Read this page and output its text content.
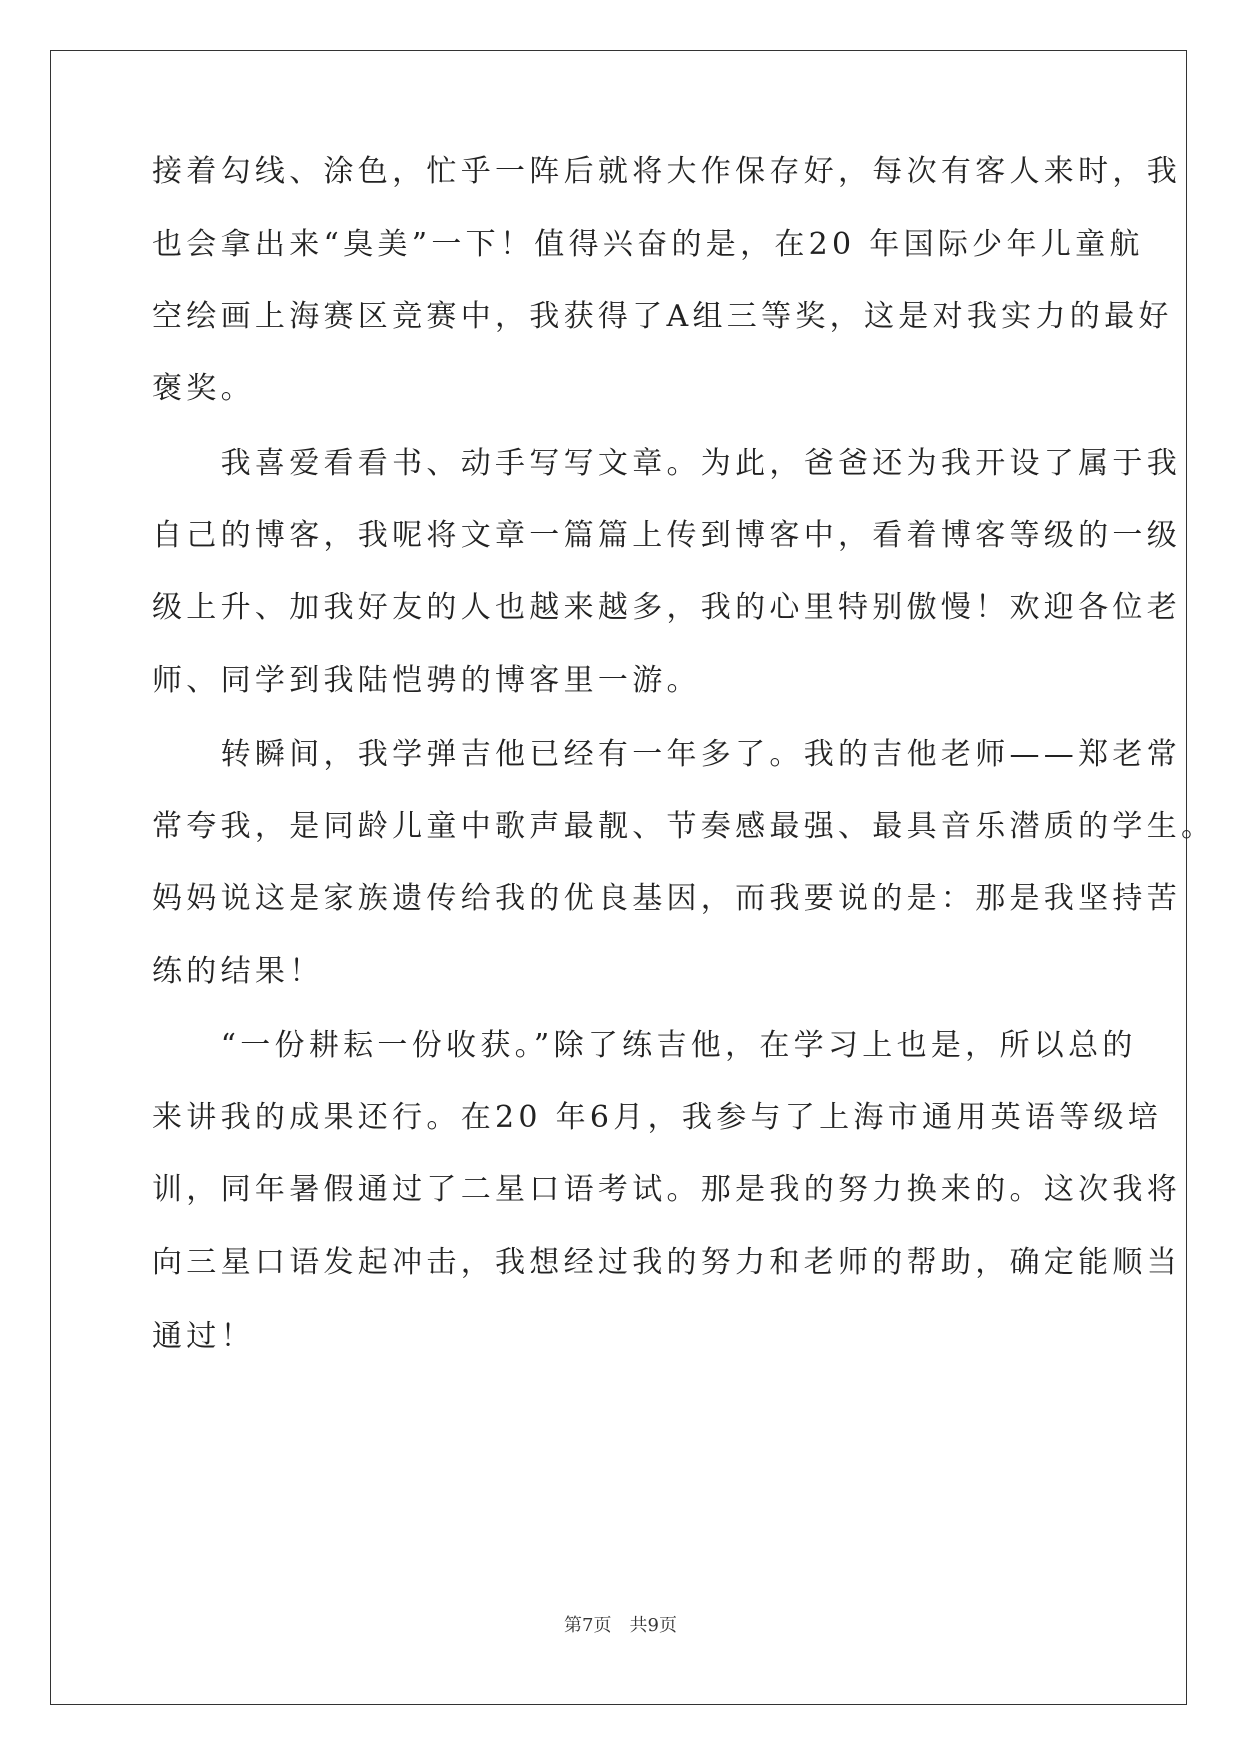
接着勾线、涂色，忙乎一阵后就将大作保存好，每次有客人来时，我
也会拿出来“臭美”一下！值得兴奋的是，在20 年国际少年儿童航
空绘画上海赛区竞赛中，我获得了A组三等奖，这是对我实力的最好
褒奖。
　　我喜爱看看书、动手写写文章。为此，爸爸还为我开设了属于我
自己的博客，我呢将文章一篇篇上传到博客中，看着博客等级的一级
级上升、加我好友的人也越来越多，我的心里特别傲慢！欢迎各位老
师、同学到我陆恺骋的博客里一游。
　　转瞬间，我学弹吉他已经有一年多了。我的吉他老师——郑老常
常夸我，是同龄儿童中歌声最靓、节奏感最强、最具音乐潜质的学生。
妈妈说这是家族遗传给我的优良基因，而我要说的是：那是我坚持苦
练的结果！
　　“一份耕耘一份收获。”除了练吉他，在学习上也是，所以总的
来讲我的成果还行。在20 年6月，我参与了上海市通用英语等级培
训，同年暑假通过了二星口语考试。那是我的努力换来的。这次我将
向三星口语发起冲击，我想经过我的努力和老师的帮助，确定能顺当
通过！
第7页　共9页
